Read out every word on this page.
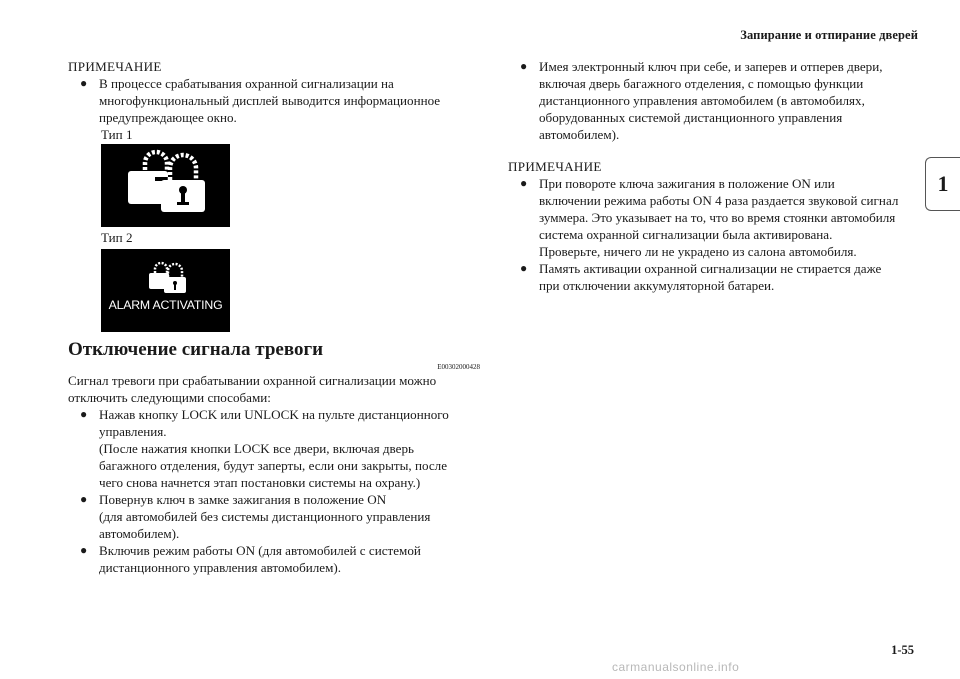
Запирание и отпирание дверей
1
ПРИМЕЧАНИЕ
●
В процессе срабатывания охранной сигнализации на
многофункциональный дисплей выводится информационное
предупреждающее окно.
Тип 1
Тип 2
ALARM ACTIVATING
Отключение сигнала тревоги
E00302000428
Сигнал тревоги при срабатывании охранной сигнализации можно
отключить следующими способами:
●
Нажав кнопку LOCK или UNLOCK на пульте дистанционного
управления.
(После нажатия кнопки LOCK все двери, включая дверь
багажного отделения, будут заперты, если они закрыты, после
чего снова начнется этап постановки системы на охрану.)
●
Повернув ключ в замке зажигания в положение ON
(для автомобилей без системы дистанционного управления
автомобилем).
●
Включив режим работы ON (для автомобилей с системой
дистанционного управления автомобилем).
●
Имея электронный ключ при себе, и заперев и отперев двери,
включая дверь багажного отделения, с помощью функции
дистанционного управления автомобилем (в автомобилях,
оборудованных системой дистанционного управления
автомобилем).
ПРИМЕЧАНИЕ
●
При повороте ключа зажигания в положение ON или
включении режима работы ON 4 раза раздается звуковой сигнал
зуммера. Это указывает на то, что во время стоянки автомобиля
система охранной сигнализации была активирована.
Проверьте, ничего ли не украдено из салона автомобиля.
●
Память активации охранной сигнализации не стирается даже
при отключении аккумуляторной батареи.
1-55
carmanualsonline.info
